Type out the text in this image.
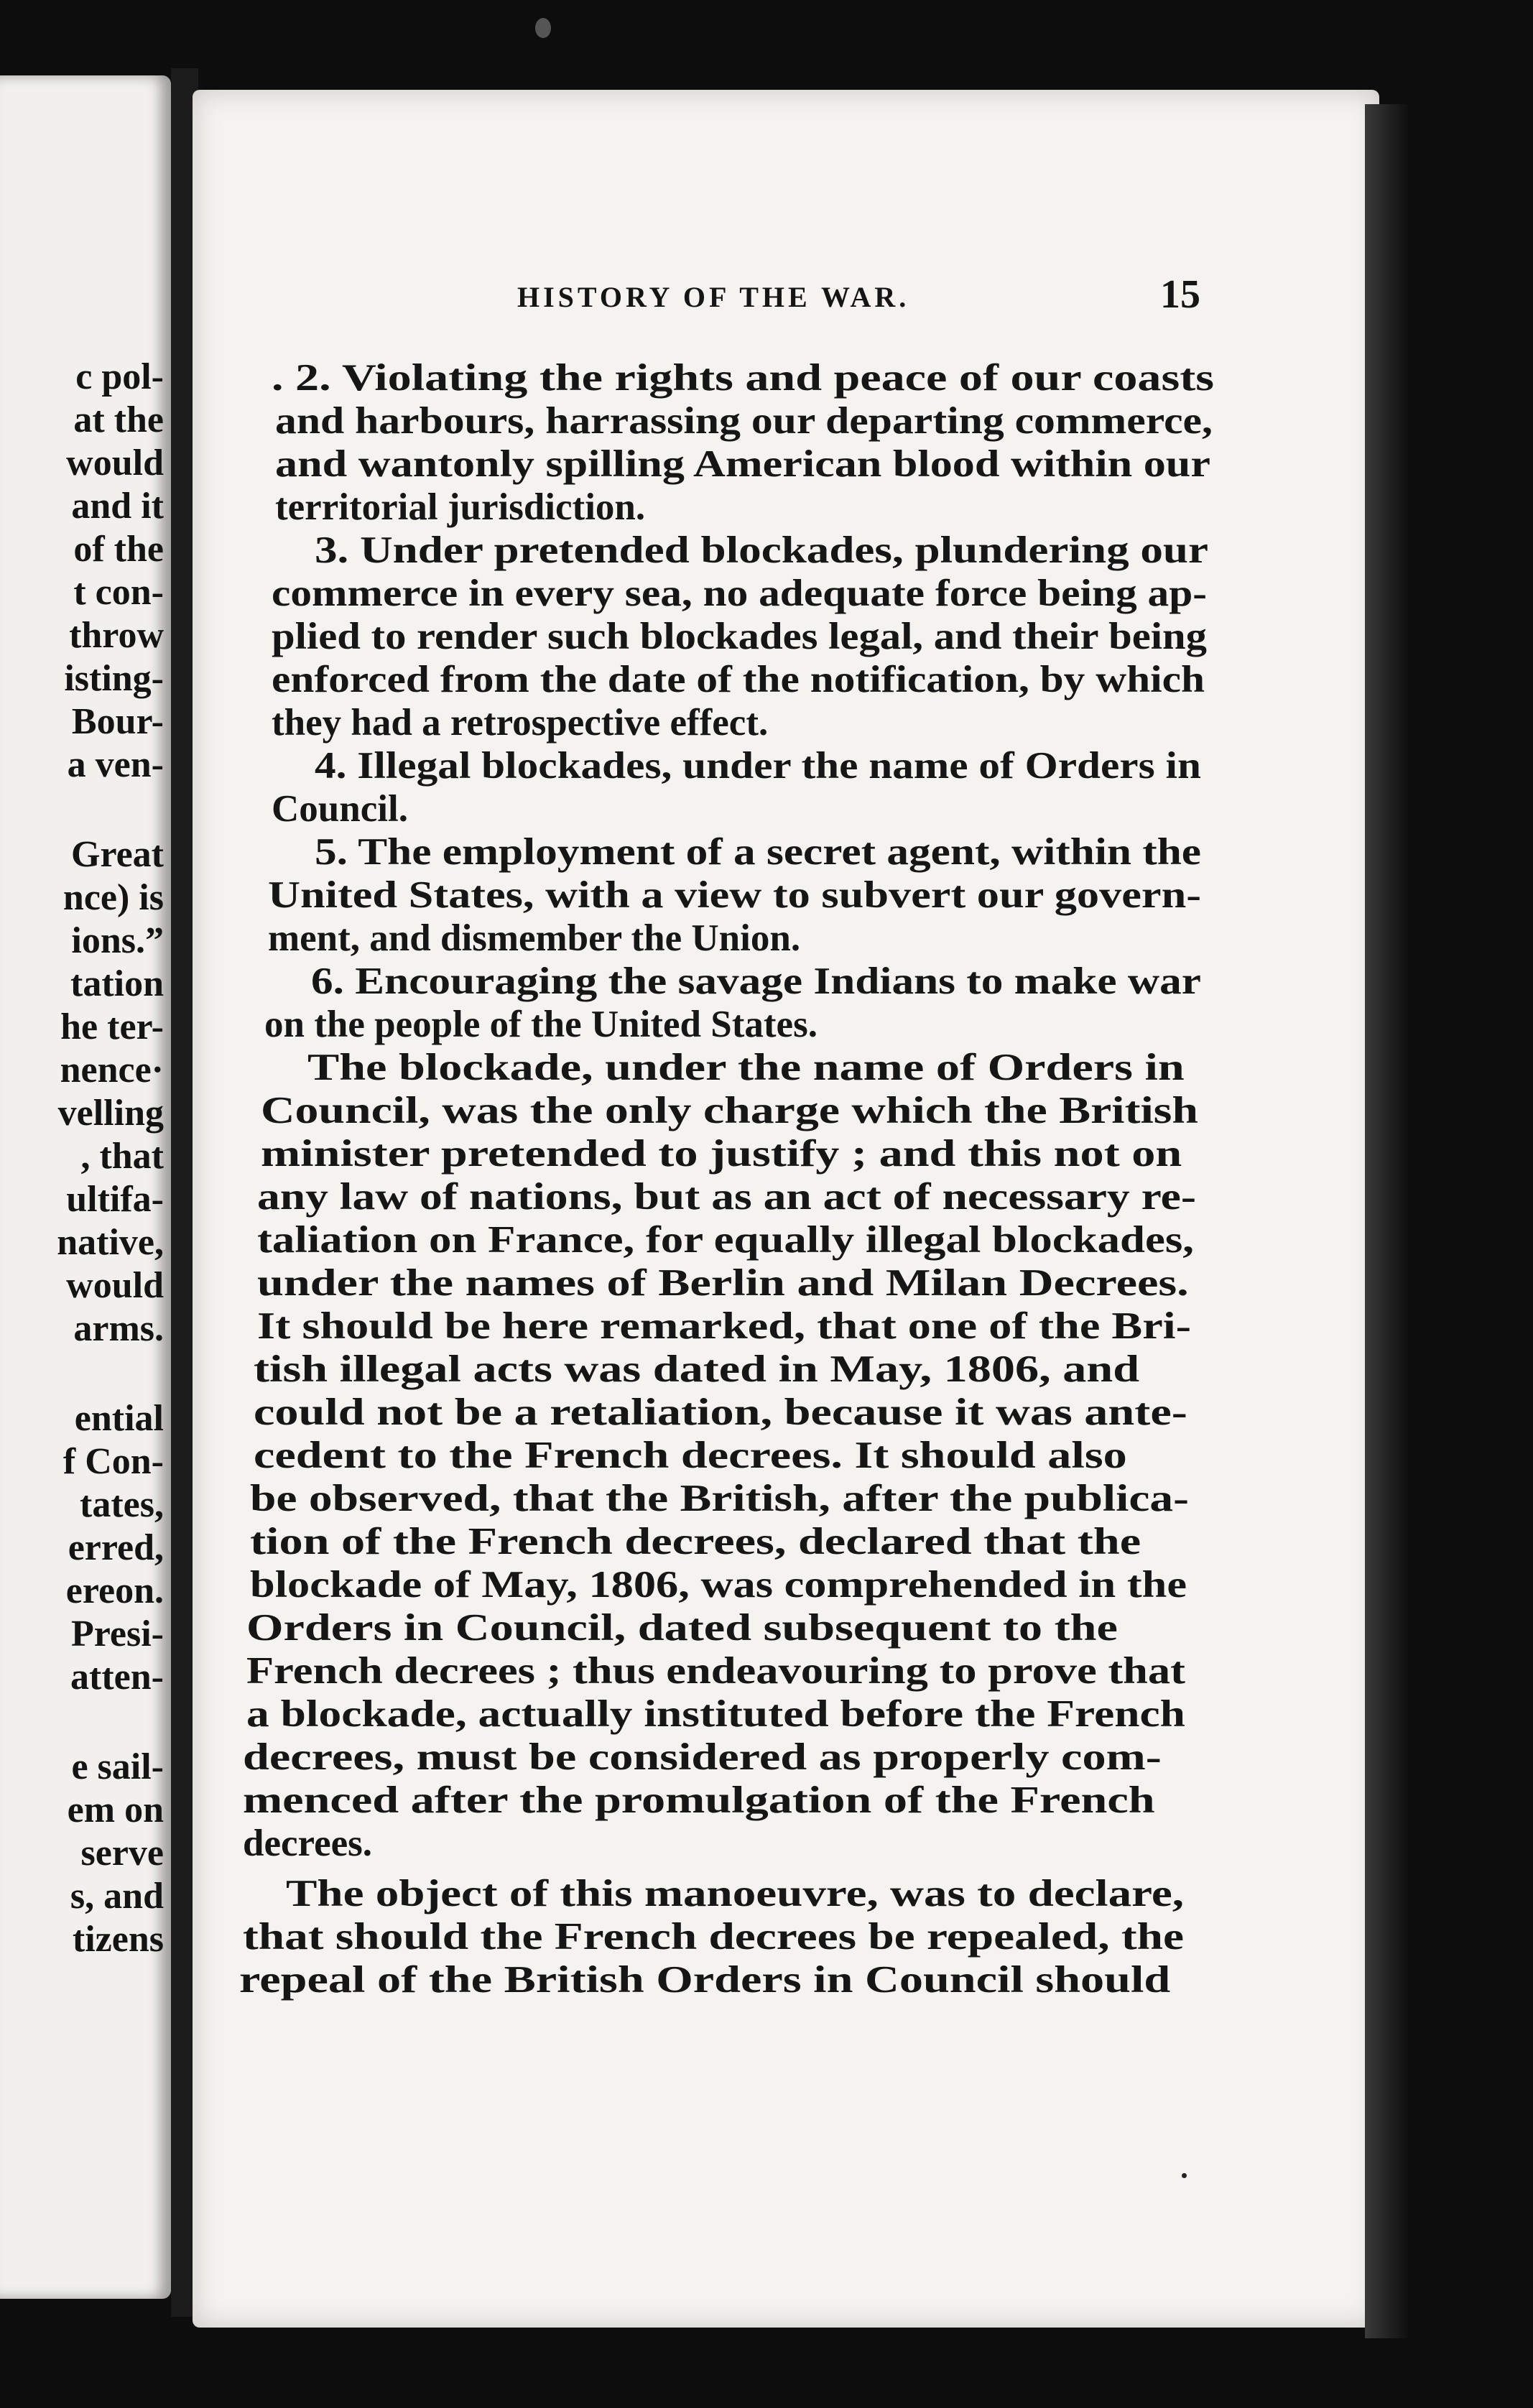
c pol-
at the
would
and it
of the
t con-
throw
isting-
Bour-
a ven-
Great
nce) is
ions.”
tation
he ter-
nence·
velling
, that
ultifa-
native,
would
arms.
ential
f Con-
tates,
erred,
ereon.
Presi-
atten-
e sail-
em on
serve
s, and
tizens
HISTORY OF THE WAR.	15
. 2. Violating the rights and peace of our coasts
and harbours, harrassing our departing commerce,
and wantonly spilling American blood within our
territorial jurisdiction.
3. Under pretended blockades, plundering our
commerce in every sea, no adequate force being ap-
plied to render such blockades legal, and their being
enforced from the date of the notification, by which
they had a retrospective effect.
4. Illegal blockades, under the name of Orders in
Council.
5. The employment of a secret agent, within the
United States, with a view to subvert our govern-
ment, and dismember the Union.
6. Encouraging the savage Indians to make war
on the people of the United States.
The blockade, under the name of Orders in
Council, was the only charge which the British
minister pretended to justify ; and this not on
any law of nations, but as an act of necessary re-
taliation on France, for equally illegal blockades,
under the names of Berlin and Milan Decrees.
It should be here remarked, that one of the Bri-
tish illegal acts was dated in May, 1806, and
could not be a retaliation, because it was ante-
cedent to the French decrees. It should also
be observed, that the British, after the publica-
tion of the French decrees, declared that the
blockade of May, 1806, was comprehended in the
Orders in Council, dated subsequent to the
French decrees ; thus endeavouring to prove that
a blockade, actually instituted before the French
decrees, must be considered as properly com-
menced after the promulgation of the French
decrees.
The object of this manoeuvre, was to declare,
that should the French decrees be repealed, the
repeal of the British Orders in Council should
